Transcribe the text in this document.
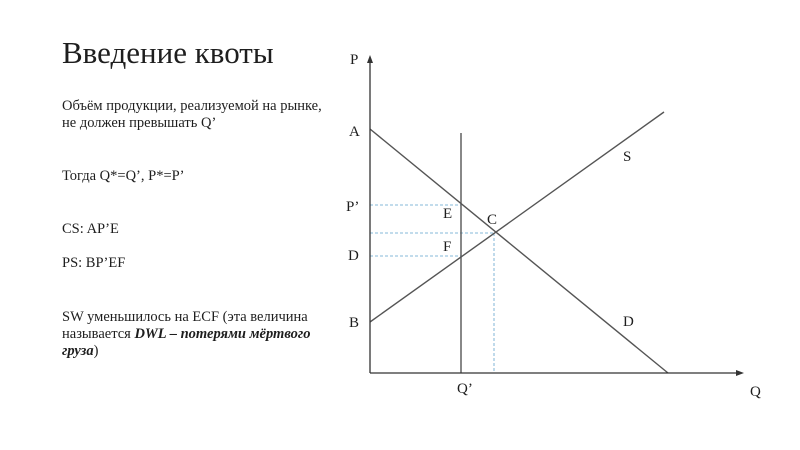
Введение квоты

Объём продукции, реализуемой на рынке, не должен превышать Q’

Тогда Q*=Q’, P*=P’

CS: AP’E

PS: BP’EF

SW уменьшилось на ECF (эта величина называется DWL – потерями мёртвого груза)

P
Q
A
P’
D
B
E
F
C
S
D
Q’
